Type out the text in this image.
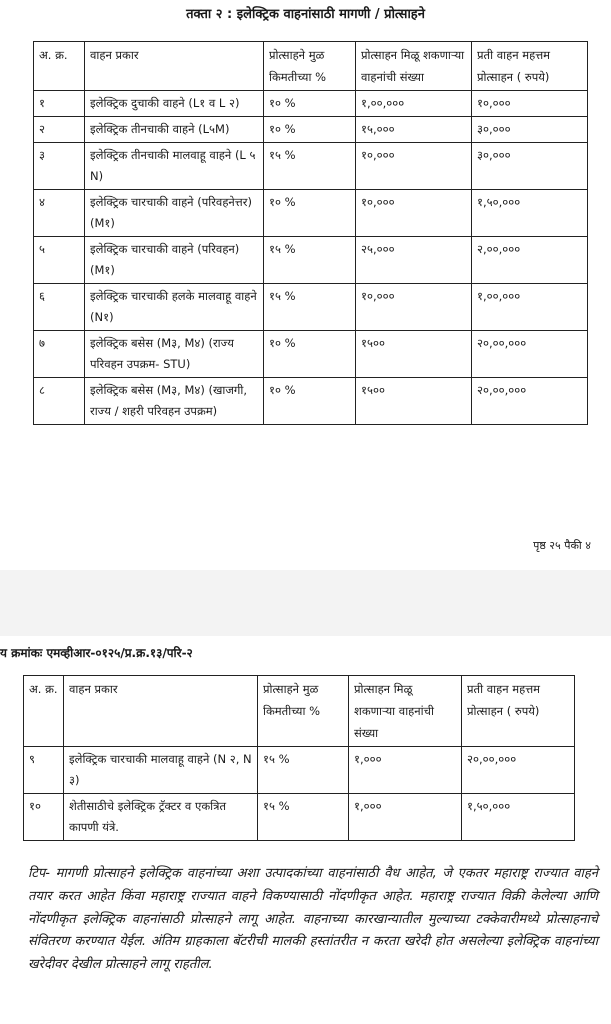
तक्ता २ : इलेक्ट्रिक वाहनांसाठी मागणी / प्रोत्साहने
अ. क्र.	वाहन प्रकार	प्रोत्साहने मुळ किमतीच्या %	प्रोत्साहन मिळू शकणाऱ्या वाहनांची संख्या	प्रती वाहन महत्तम प्रोत्साहन ( रुपये)
१	इलेक्ट्रिक दुचाकी वाहने (L१ व L २)	१० %	१,००,०००	१०,०००
२	इलेक्ट्रिक तीनचाकी वाहने (L५M)	१० %	१५,०००	३०,०००
३	इलेक्ट्रिक तीनचाकी मालवाहू वाहने (L ५ N)	१५ %	१०,०००	३०,०००
४	इलेक्ट्रिक चारचाकी वाहने (परिवहनेत्तर) (M१)	१० %	१०,०००	१,५०,०००
५	इलेक्ट्रिक चारचाकी वाहने (परिवहन) (M१)	१५ %	२५,०००	२,००,०००
६	इलेक्ट्रिक चारचाकी हलके मालवाहू वाहने (N१)	१५ %	१०,०००	१,००,०००
७	इलेक्ट्रिक बसेस (M३, M४) (राज्य परिवहन उपक्रम- STU)	१० %	१५००	२०,००,०००
८	इलेक्ट्रिक बसेस (M३, M४) (खाजगी, राज्य / शहरी परिवहन उपक्रम)	१० %	१५००	२०,००,०००
पृष्ठ २५ पैकी ४
य क्रमांकः एमव्हीआर-०१२५/प्र.क्र.१३/परि-२
अ. क्र.	वाहन प्रकार	प्रोत्साहने मुळ किमतीच्या %	प्रोत्साहन मिळू शकणाऱ्या वाहनांची संख्या	प्रती वाहन महत्तम प्रोत्साहन ( रुपये)
९	इलेक्ट्रिक चारचाकी मालवाहू वाहने (N २, N ३)	१५ %	१,०००	२०,००,०००
१०	शेतीसाठीचे इलेक्ट्रिक ट्रॅक्टर व एकत्रित कापणी यंत्रे.	१५ %	१,०००	१,५०,०००
टिप- मागणी प्रोत्साहने इलेक्ट्रिक वाहनांच्या अशा उत्पादकांच्या वाहनांसाठी वैध आहेत, जे एकतर महाराष्ट्र राज्यात वाहने तयार करत आहेत किंवा महाराष्ट्र राज्यात वाहने विकण्यासाठी नोंदणीकृत आहेत. महाराष्ट्र राज्यात विक्री केलेल्या आणि नोंदणीकृत इलेक्ट्रिक वाहनांसाठी प्रोत्साहने लागू आहेत. वाहनाच्या कारखान्यातील मुल्याच्या टक्केवारीमध्ये प्रोत्साहनाचे संवितरण करण्यात येईल. अंतिम ग्राहकाला बॅटरीची मालकी हस्तांतरीत न करता खरेदी होत असलेल्या इलेक्ट्रिक वाहनांच्या खरेदीवर देखील प्रोत्साहने लागू राहतील.
